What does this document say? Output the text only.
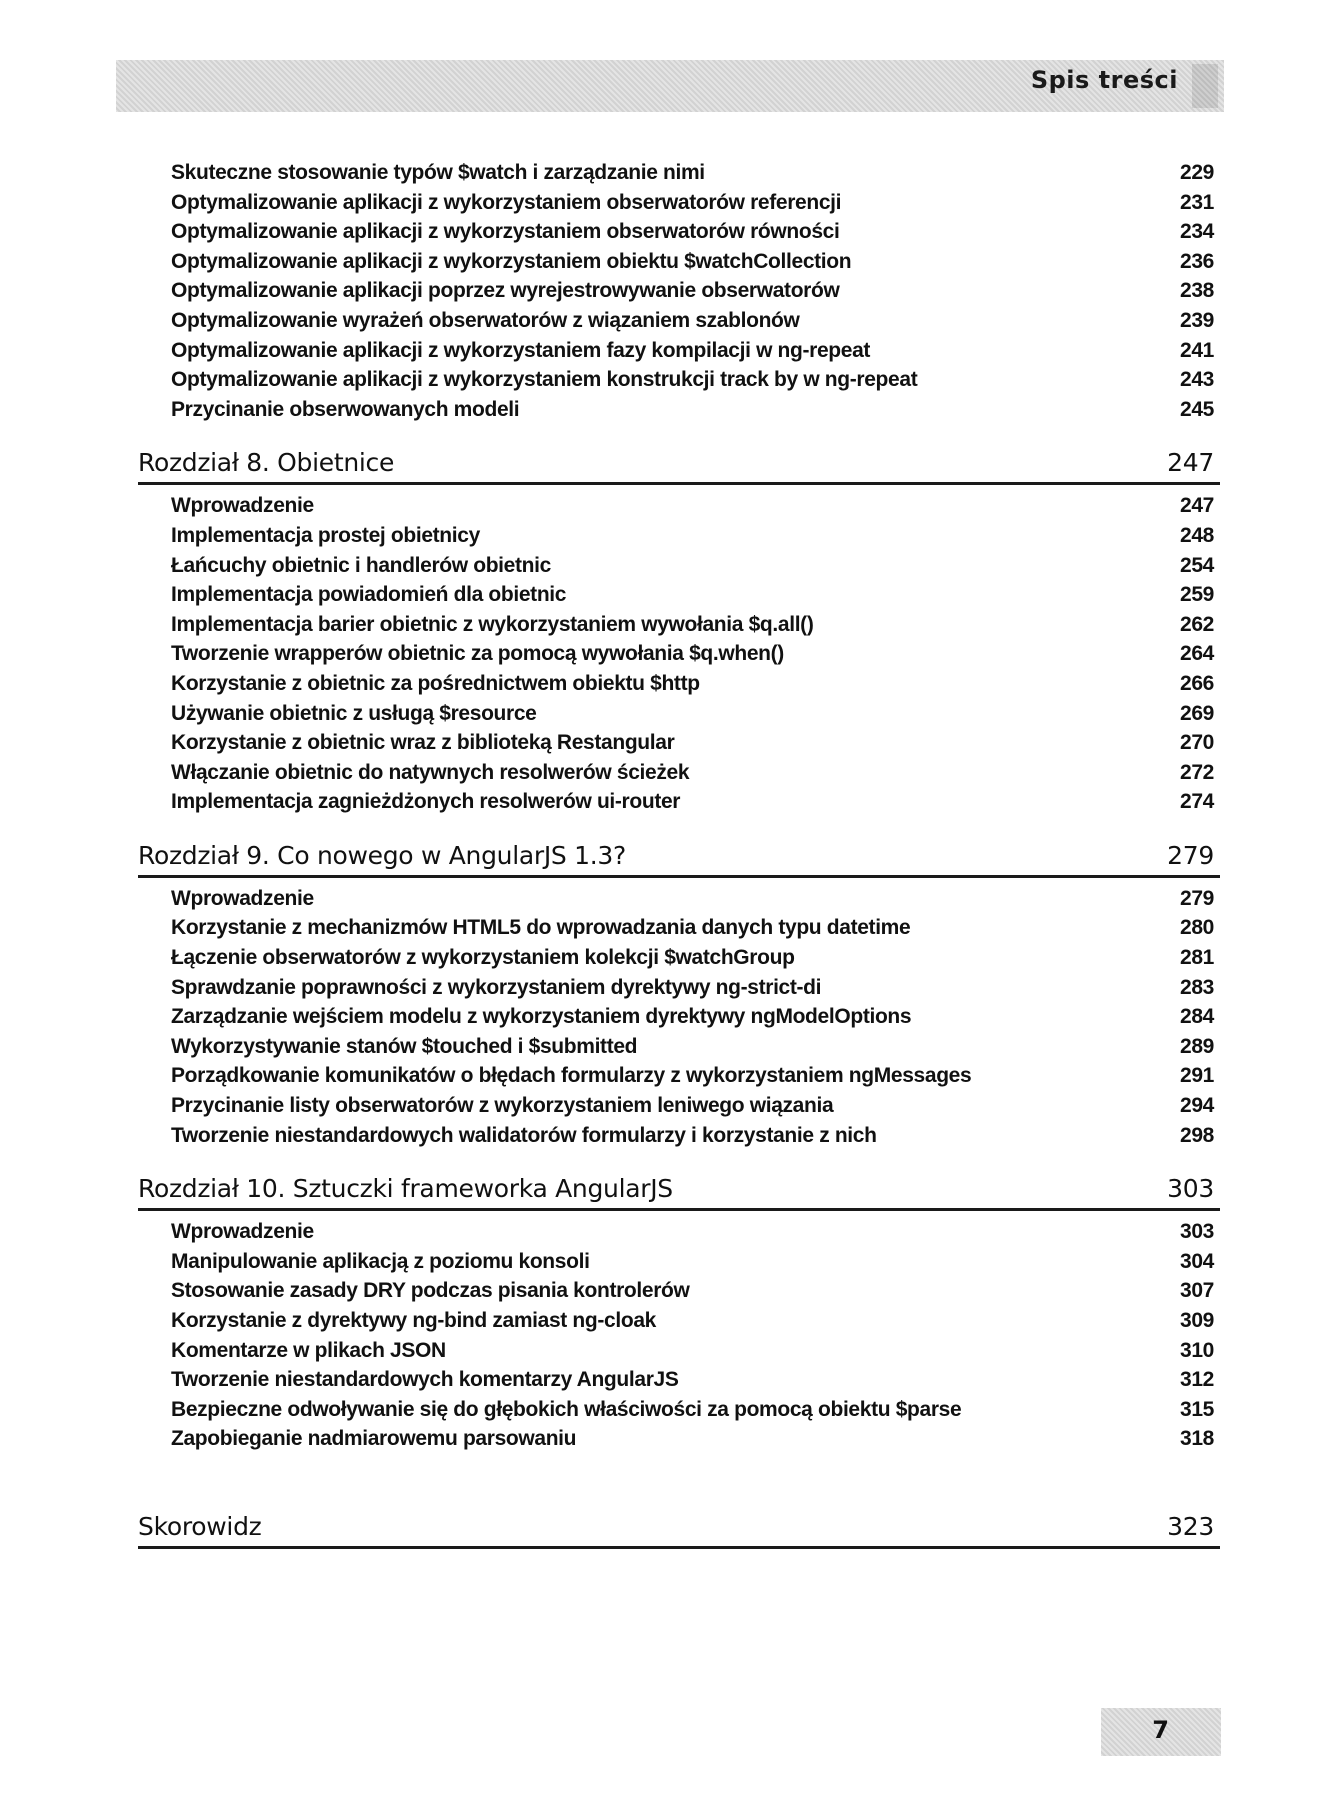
Spis treści
Skuteczne stosowanie typów $watch i zarządzanie nimi	229
Optymalizowanie aplikacji z wykorzystaniem obserwatorów referencji	231
Optymalizowanie aplikacji z wykorzystaniem obserwatorów równości	234
Optymalizowanie aplikacji z wykorzystaniem obiektu $watchCollection	236
Optymalizowanie aplikacji poprzez wyrejestrowywanie obserwatorów	238
Optymalizowanie wyrażeń obserwatorów z wiązaniem szablonów	239
Optymalizowanie aplikacji z wykorzystaniem fazy kompilacji w ng-repeat	241
Optymalizowanie aplikacji z wykorzystaniem konstrukcji track by w ng-repeat	243
Przycinanie obserwowanych modeli	245
Rozdział 8. Obietnice	247
Wprowadzenie	247
Implementacja prostej obietnicy	248
Łańcuchy obietnic i handlerów obietnic	254
Implementacja powiadomień dla obietnic	259
Implementacja barier obietnic z wykorzystaniem wywołania $q.all()	262
Tworzenie wrapperów obietnic za pomocą wywołania $q.when()	264
Korzystanie z obietnic za pośrednictwem obiektu $http	266
Używanie obietnic z usługą $resource	269
Korzystanie z obietnic wraz z biblioteką Restangular	270
Włączanie obietnic do natywnych resolwerów ścieżek	272
Implementacja zagnieżdżonych resolwerów ui-router	274
Rozdział 9. Co nowego w AngularJS 1.3?	279
Wprowadzenie	279
Korzystanie z mechanizmów HTML5 do wprowadzania danych typu datetime	280
Łączenie obserwatorów z wykorzystaniem kolekcji $watchGroup	281
Sprawdzanie poprawności z wykorzystaniem dyrektywy ng-strict-di	283
Zarządzanie wejściem modelu z wykorzystaniem dyrektywy ngModelOptions	284
Wykorzystywanie stanów $touched i $submitted	289
Porządkowanie komunikatów o błędach formularzy z wykorzystaniem ngMessages	291
Przycinanie listy obserwatorów z wykorzystaniem leniwego wiązania	294
Tworzenie niestandardowych walidatorów formularzy i korzystanie z nich	298
Rozdział 10. Sztuczki frameworka AngularJS	303
Wprowadzenie	303
Manipulowanie aplikacją z poziomu konsoli	304
Stosowanie zasady DRY podczas pisania kontrolerów	307
Korzystanie z dyrektywy ng-bind zamiast ng-cloak	309
Komentarze w plikach JSON	310
Tworzenie niestandardowych komentarzy AngularJS	312
Bezpieczne odwoływanie się do głębokich właściwości za pomocą obiektu $parse	315
Zapobieganie nadmiarowemu parsowaniu	318
Skorowidz	323
7
